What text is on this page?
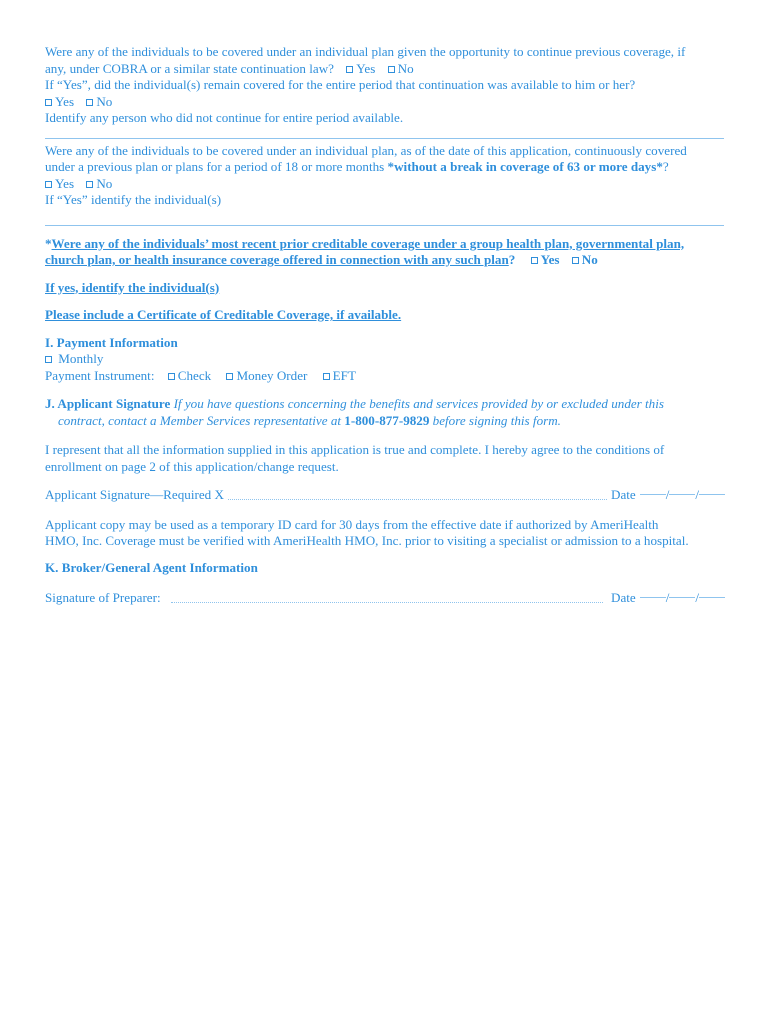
Were any of the individuals to be covered under an individual plan given the opportunity to continue previous coverage, if
any, under COBRA or a similar state continuation law? Yes No
If “Yes”, did the individual(s) remain covered for the entire period that continuation was available to him or her?
Yes No
Identify any person who did not continue for entire period available.
Were any of the individuals to be covered under an individual plan, as of the date of this application, continuously covered
under a previous plan or plans for a period of 18 or more months *without a break in coverage of 63 or more days*?
Yes No
If “Yes” identify the individual(s)
*Were any of the individuals’ most recent prior creditable coverage under a group health plan, governmental plan,
church plan, or health insurance coverage offered in connection with any such plan? Yes No
If yes, identify the individual(s)
Please include a Certificate of Creditable Coverage, if available.
I. Payment Information
Monthly
Payment Instrument: Check Money Order EFT
J. Applicant Signature If you have questions concerning the benefits and services provided by or excluded under this
contract, contact a Member Services representative at 1-800-877-9829 before signing this form.
I represent that all the information supplied in this application is true and complete. I hereby agree to the conditions of
enrollment on page 2 of this application/change request.
Applicant Signature—Required X	Date	/ /
Applicant copy may be used as a temporary ID card for 30 days from the effective date if authorized by AmeriHealth
HMO, Inc. Coverage must be verified with AmeriHealth HMO, Inc. prior to visiting a specialist or admission to a hospital.
K. Broker/General Agent Information
Signature of Preparer:	Date	/ /
